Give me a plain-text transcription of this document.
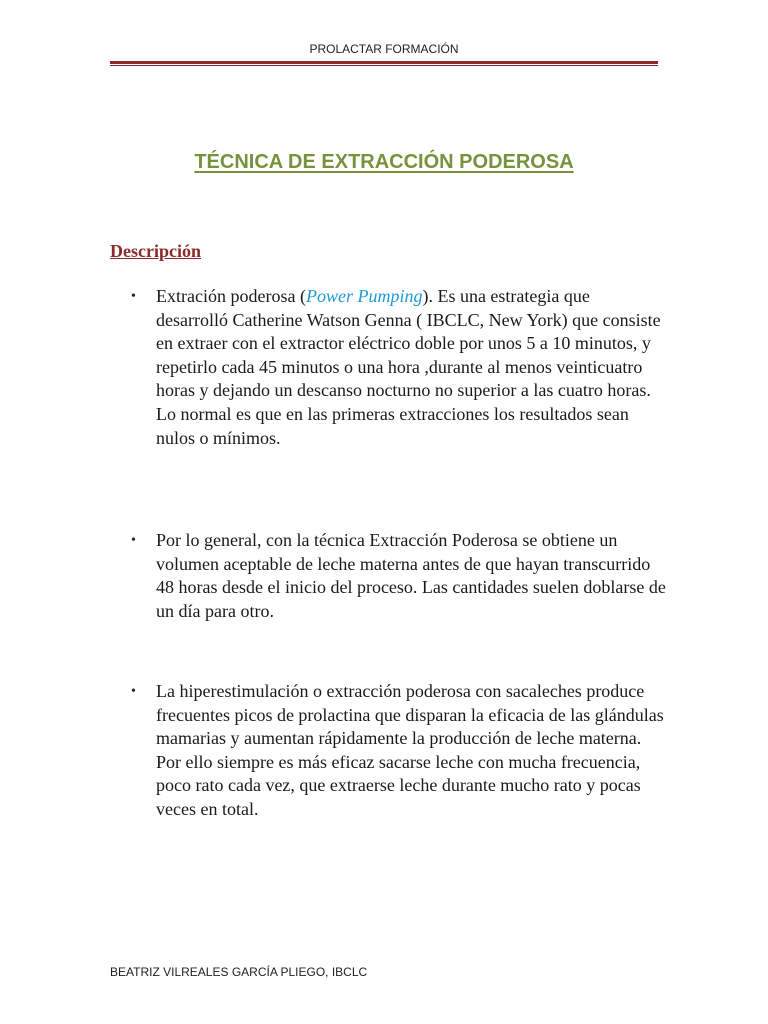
PROLACTAR FORMACIÓN
TÉCNICA DE EXTRACCIÓN PODEROSA
Descripción
• Extración poderosa (Power Pumping). Es una estrategia que desarrolló Catherine Watson Genna ( IBCLC, New York) que consiste en extraer con el extractor eléctrico doble por unos 5 a 10 minutos, y repetirlo cada 45 minutos o una hora ,durante al menos veinticuatro horas y dejando un descanso nocturno no superior a las cuatro horas. Lo normal es que en las primeras extracciones los resultados sean nulos o mínimos.
• Por lo general, con la técnica Extracción Poderosa se obtiene un volumen aceptable de leche materna antes de que hayan transcurrido 48 horas desde el inicio del proceso. Las cantidades suelen doblarse de un día para otro.
• La hiperestimulación o extracción poderosa con sacaleches produce frecuentes picos de prolactina que disparan la eficacia de las glándulas mamarias y aumentan rápidamente la producción de leche materna. Por ello siempre es más eficaz sacarse leche con mucha frecuencia, poco rato cada vez, que extraerse leche durante mucho rato y pocas veces en total.
BEATRIZ VILREALES GARCÍA PLIEGO, IBCLC
